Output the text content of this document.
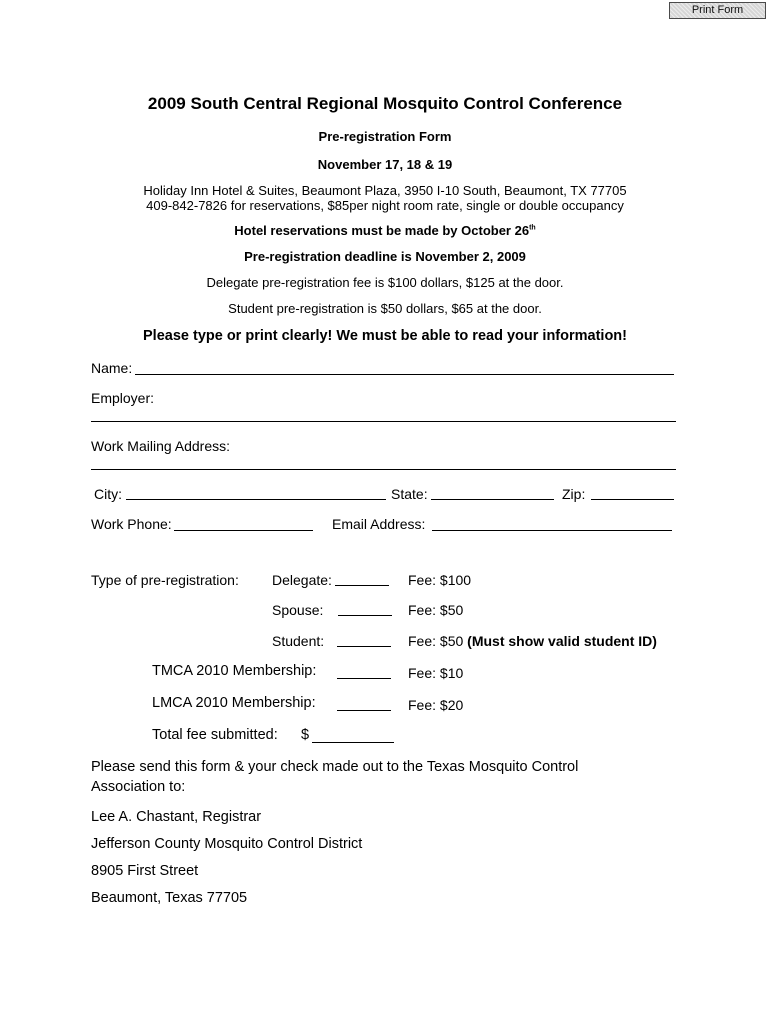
Print Form
2009 South Central Regional Mosquito Control Conference
Pre-registration Form
November 17, 18 & 19
Holiday Inn Hotel & Suites, Beaumont Plaza, 3950 I-10 South, Beaumont, TX 77705
409-842-7826 for reservations, $85per night room rate, single or double occupancy
Hotel reservations must be made by October 26th
Pre-registration deadline is November 2, 2009
Delegate pre-registration fee is $100 dollars, $125 at the door.
Student pre-registration is $50 dollars, $65 at the door.
Please type or print clearly! We must be able to read your information!
Name:
Employer:
Work Mailing Address:
City:	State:	Zip:
Work Phone:	Email Address:
Type of pre-registration: Delegate:	Fee: $100
Spouse:	Fee: $50
Student:	Fee: $50 (Must show valid student ID)
TMCA 2010 Membership:	Fee: $10
LMCA 2010 Membership:	Fee: $20
Total fee submitted: $
Please send this form & your check made out to the Texas Mosquito Control
Association to:
Lee A. Chastant, Registrar
Jefferson County Mosquito Control District
8905 First Street
Beaumont, Texas 77705
